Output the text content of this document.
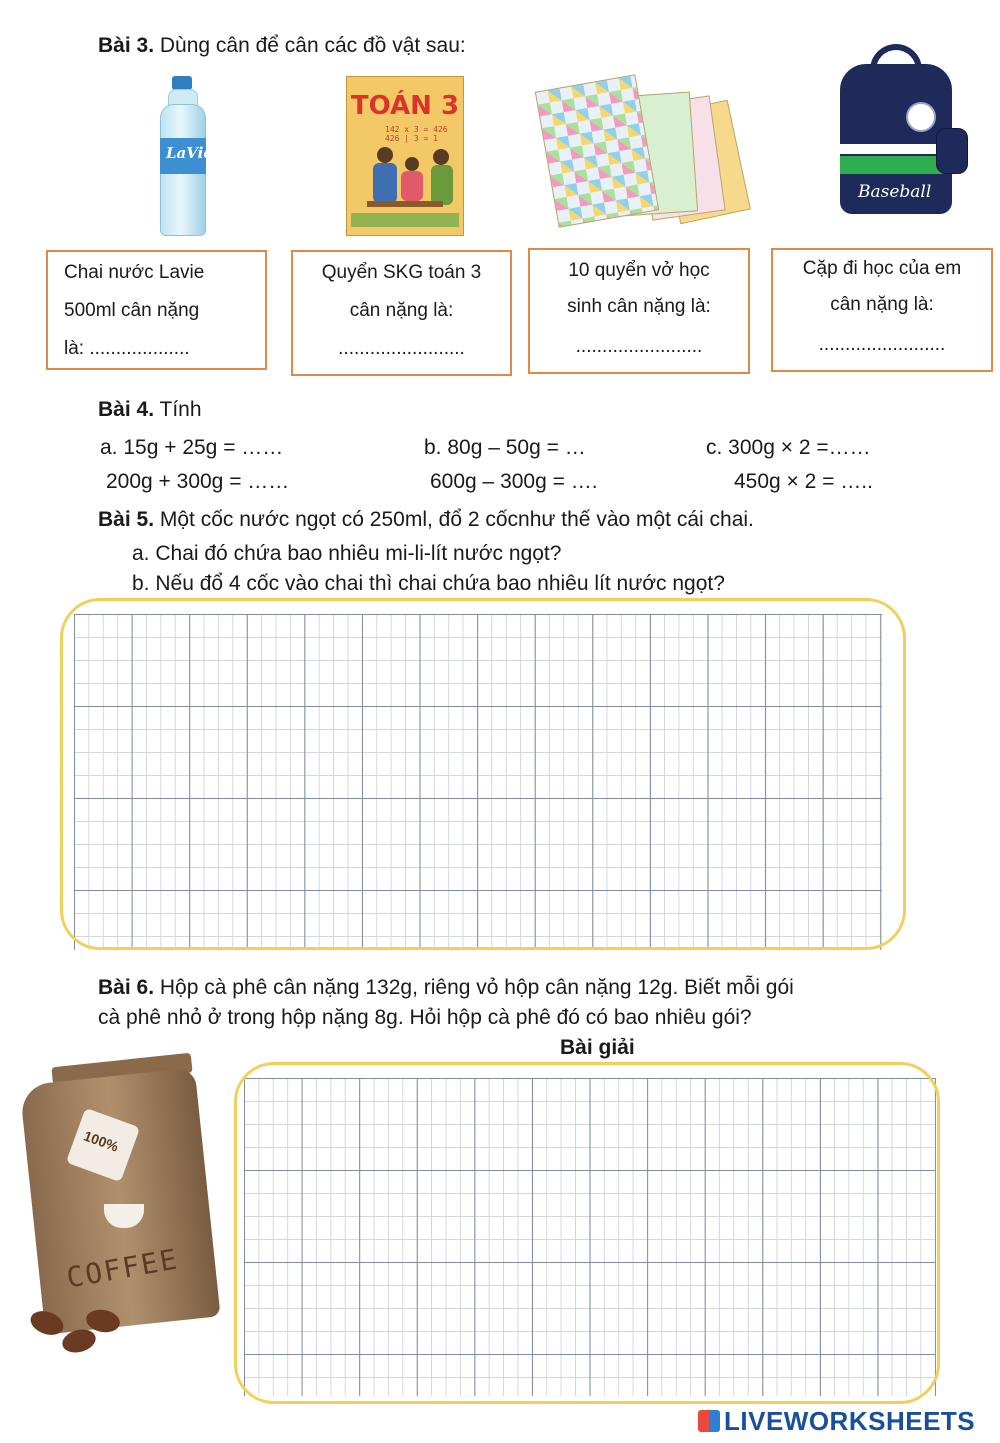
Bài 3. Dùng cân để cân các đồ vật sau:
LaVie
TOÁN 3
142 x 3 = 426
426 | 3 = 1
Baseball
Chai nước Lavie
500ml cân nặng
là: ...................
Quyển SKG toán 3
cân nặng là:
........................
10 quyển vở học
sinh cân nặng là:
........................
Cặp đi học của em
cân nặng là:
........................
Bài 4. Tính
a. 15g + 25g = ……	b. 80g – 50g = …	c. 300g × 2 =……
200g + 300g = ……	600g – 300g = ….	450g × 2 = …..
Bài 5. Một cốc nước ngọt có 250ml, đổ 2 cốcnhư thế vào một cái chai.
a. Chai đó chứa bao nhiêu mi-li-lít nước ngọt?
b. Nếu đổ 4 cốc vào chai thì chai chứa bao nhiêu lít nước ngọt?
Bài 6. Hộp cà phê cân nặng 132g, riêng vỏ hộp cân nặng 12g. Biết mỗi gói
cà phê nhỏ ở trong hộp nặng 8g. Hỏi hộp cà phê đó có bao nhiêu gói?
Bài giải
100%
COFFEE
LIVEWORKSHEETS
